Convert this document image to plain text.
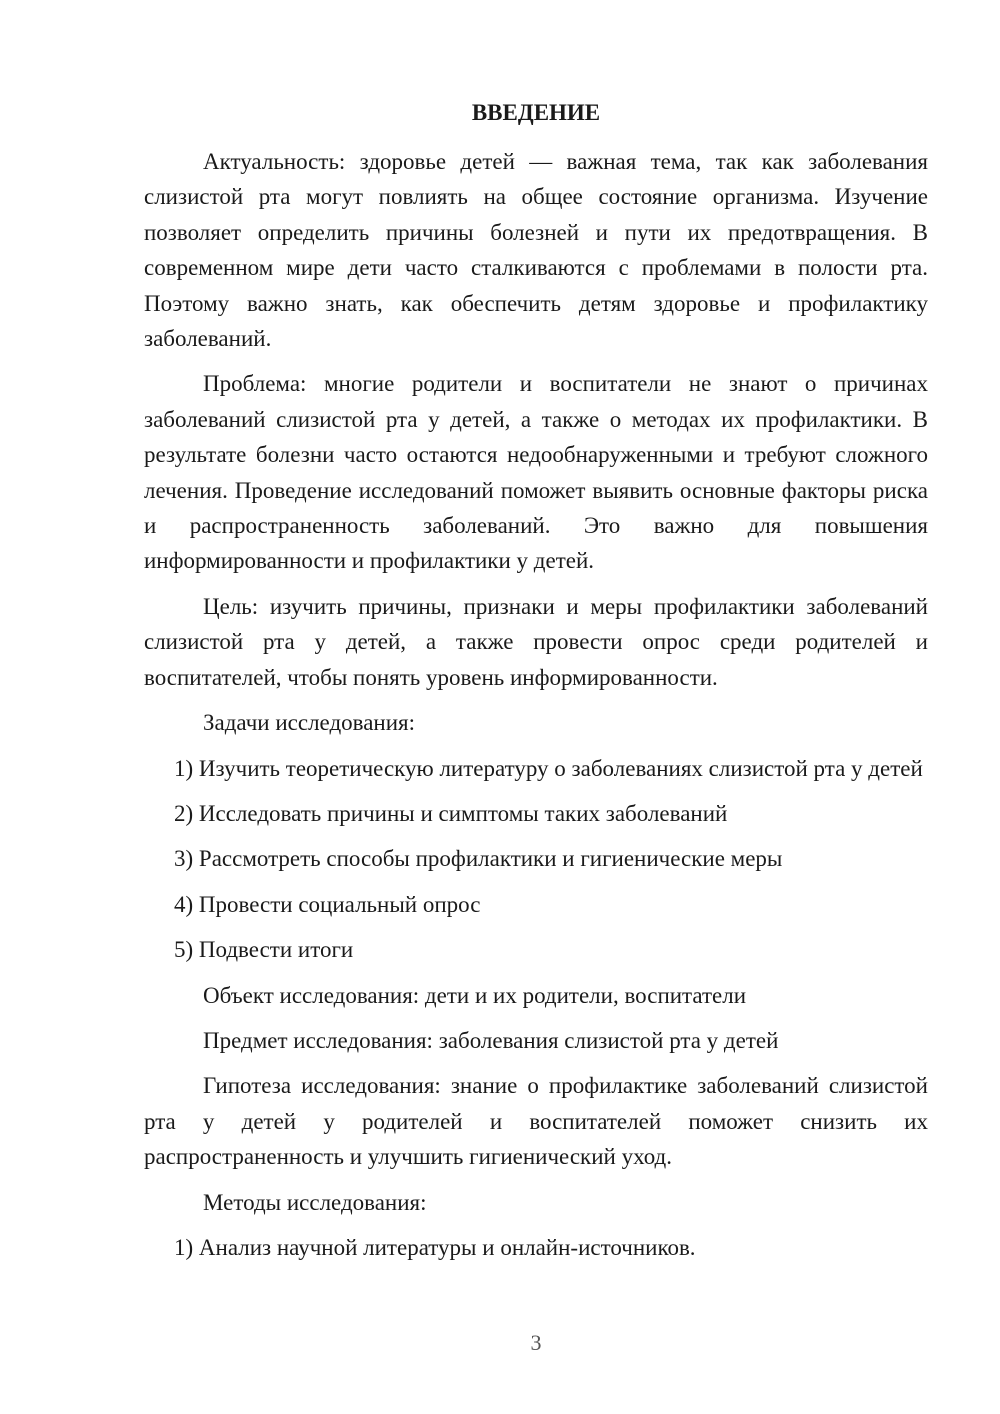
ВВЕДЕНИЕ

Актуальность: здоровье детей — важная тема, так как заболевания слизистой рта могут повлиять на общее состояние организма. Изучение позволяет определить причины болезней и пути их предотвращения. В современном мире дети часто сталкиваются с проблемами в полости рта. Поэтому важно знать, как обеспечить детям здоровье и профилактику заболеваний.

Проблема: многие родители и воспитатели не знают о причинах заболеваний слизистой рта у детей, а также о методах их профилактики. В результате болезни часто остаются недообнаруженными и требуют сложного лечения. Проведение исследований поможет выявить основные факторы риска и распространенность заболеваний. Это важно для повышения информированности и профилактики у детей.

Цель: изучить причины, признаки и меры профилактики заболеваний слизистой рта у детей, а также провести опрос среди родителей и воспитателей, чтобы понять уровень информированности.

Задачи исследования:

1) Изучить теоретическую литературу о заболеваниях слизистой рта у детей

2) Исследовать причины и симптомы таких заболеваний

3) Рассмотреть способы профилактики и гигиенические меры

4) Провести социальный опрос

5) Подвести итоги

Объект исследования: дети и их родители, воспитатели

Предмет исследования: заболевания слизистой рта у детей

Гипотеза исследования: знание о профилактике заболеваний слизистой рта у детей у родителей и воспитателей поможет снизить их распространенность и улучшить гигиенический уход.

Методы исследования:

1) Анализ научной литературы и онлайн-источников.

3
